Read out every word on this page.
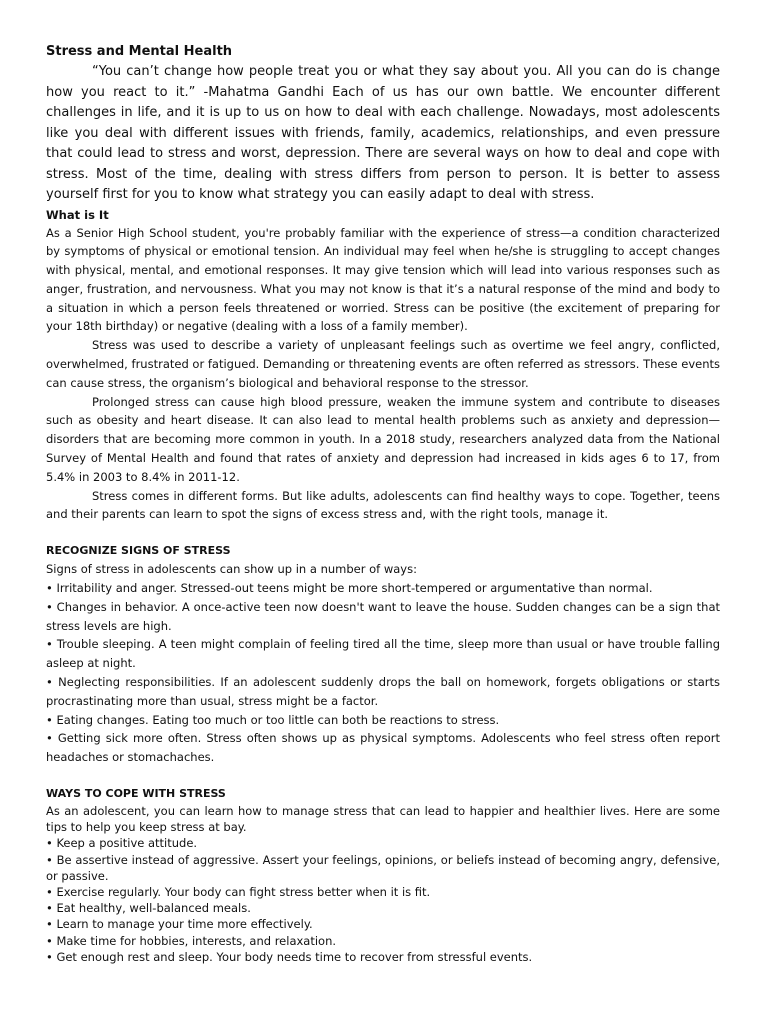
Stress and Mental Health

“You can’t change how people treat you or what they say about you. All you can do is change how you react to it.” -Mahatma Gandhi Each of us has our own battle. We encounter different challenges in life, and it is up to us on how to deal with each challenge. Nowadays, most adolescents like you deal with different issues with friends, family, academics, relationships, and even pressure that could lead to stress and worst, depression. There are several ways on how to deal and cope with stress. Most of the time, dealing with stress differs from person to person. It is better to assess yourself first for you to know what strategy you can easily adapt to deal with stress.

What is It

As a Senior High School student, you're probably familiar with the experience of stress—a condition characterized by symptoms of physical or emotional tension. An individual may feel when he/she is struggling to accept changes with physical, mental, and emotional responses. It may give tension which will lead into various responses such as anger, frustration, and nervousness. What you may not know is that it’s a natural response of the mind and body to a situation in which a person feels threatened or worried. Stress can be positive (the excitement of preparing for your 18th birthday) or negative (dealing with a loss of a family member).

Stress was used to describe a variety of unpleasant feelings such as overtime we feel angry, conflicted, overwhelmed, frustrated or fatigued. Demanding or threatening events are often referred as stressors. These events can cause stress, the organism’s biological and behavioral response to the stressor.

Prolonged stress can cause high blood pressure, weaken the immune system and contribute to diseases such as obesity and heart disease. It can also lead to mental health problems such as anxiety and depression—disorders that are becoming more common in youth. In a 2018 study, researchers analyzed data from the National Survey of Mental Health and found that rates of anxiety and depression had increased in kids ages 6 to 17, from 5.4% in 2003 to 8.4% in 2011-12.

Stress comes in different forms. But like adults, adolescents can find healthy ways to cope. Together, teens and their parents can learn to spot the signs of excess stress and, with the right tools, manage it.

RECOGNIZE SIGNS OF STRESS

Signs of stress in adolescents can show up in a number of ways:

• Irritability and anger. Stressed-out teens might be more short-tempered or argumentative than normal.
• Changes in behavior. A once-active teen now doesn't want to leave the house. Sudden changes can be a sign that stress levels are high.
• Trouble sleeping. A teen might complain of feeling tired all the time, sleep more than usual or have trouble falling asleep at night.
• Neglecting responsibilities. If an adolescent suddenly drops the ball on homework, forgets obligations or starts procrastinating more than usual, stress might be a factor.
• Eating changes. Eating too much or too little can both be reactions to stress.
• Getting sick more often. Stress often shows up as physical symptoms. Adolescents who feel stress often report headaches or stomachaches.

WAYS TO COPE WITH STRESS

As an adolescent, you can learn how to manage stress that can lead to happier and healthier lives. Here are some tips to help you keep stress at bay.

• Keep a positive attitude.
• Be assertive instead of aggressive. Assert your feelings, opinions, or beliefs instead of becoming angry, defensive, or passive.
• Exercise regularly. Your body can fight stress better when it is fit.
• Eat healthy, well-balanced meals.
• Learn to manage your time more effectively.
• Make time for hobbies, interests, and relaxation.
• Get enough rest and sleep. Your body needs time to recover from stressful events.
